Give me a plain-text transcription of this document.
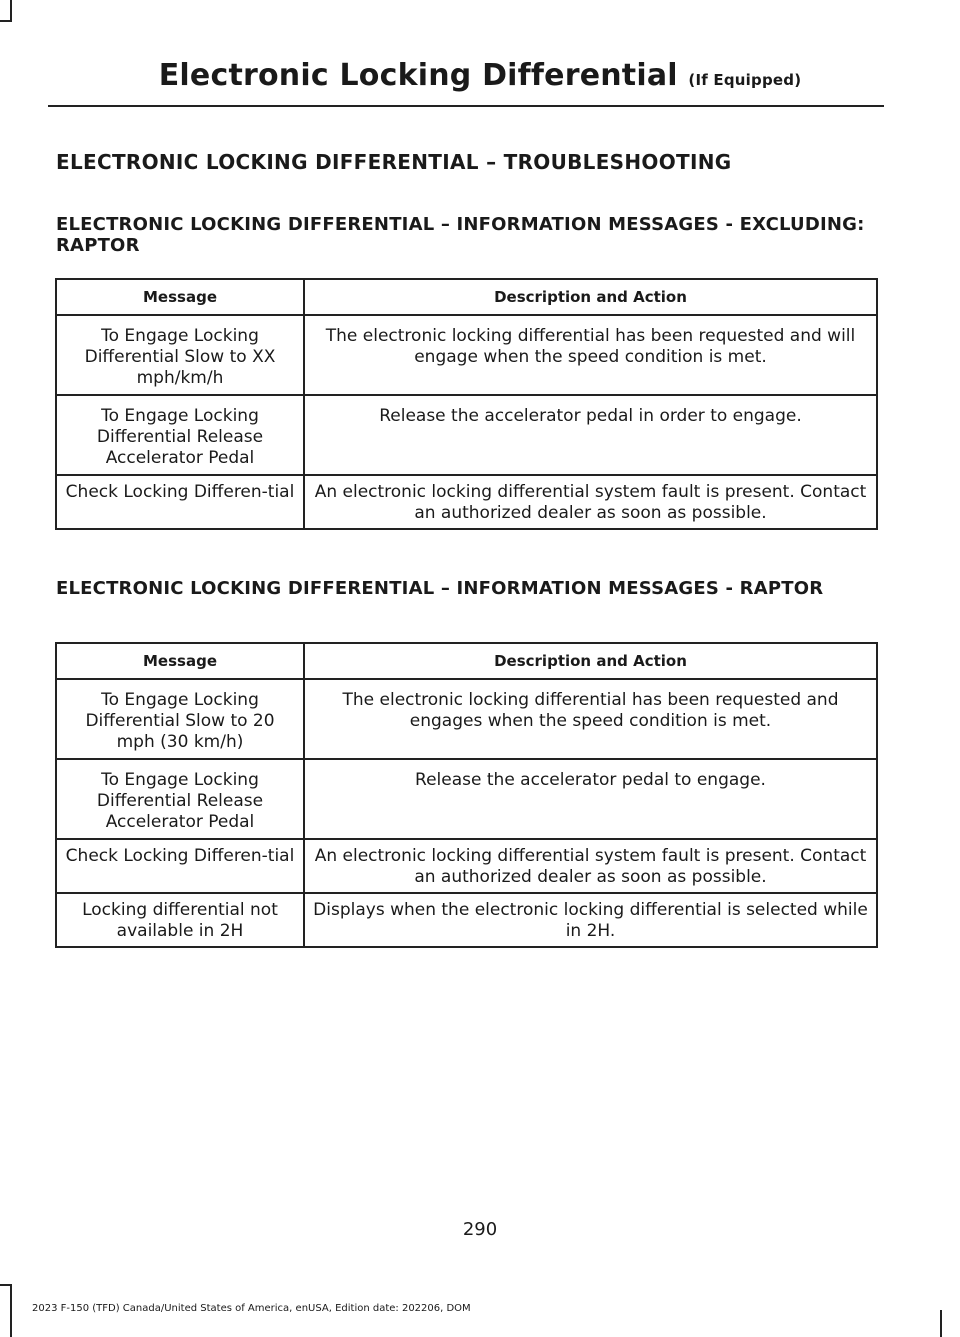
Electronic Locking Differential (If Equipped)
ELECTRONIC LOCKING DIFFERENTIAL – TROUBLESHOOTING
ELECTRONIC LOCKING DIFFERENTIAL – INFORMATION MESSAGES - EXCLUDING: RAPTOR
Message	Description and Action
To Engage Locking Differential Slow to XX mph/km/h	The electronic locking differential has been requested and will engage when the speed condition is met.
To Engage Locking Differential Release Accelerator Pedal	Release the accelerator pedal in order to engage.
Check Locking Differen-tial	An electronic locking differential system fault is present. Contact an authorized dealer as soon as possible.
ELECTRONIC LOCKING DIFFERENTIAL – INFORMATION MESSAGES - RAPTOR
Message	Description and Action
To Engage Locking Differential Slow to 20 mph (30 km/h)	The electronic locking differential has been requested and engages when the speed condition is met.
To Engage Locking Differential Release Accelerator Pedal	Release the accelerator pedal to engage.
Check Locking Differen-tial	An electronic locking differential system fault is present. Contact an authorized dealer as soon as possible.
Locking differential not available in 2H	Displays when the electronic locking differential is selected while in 2H.
290
2023 F-150 (TFD) Canada/United States of America, enUSA, Edition date: 202206, DOM
